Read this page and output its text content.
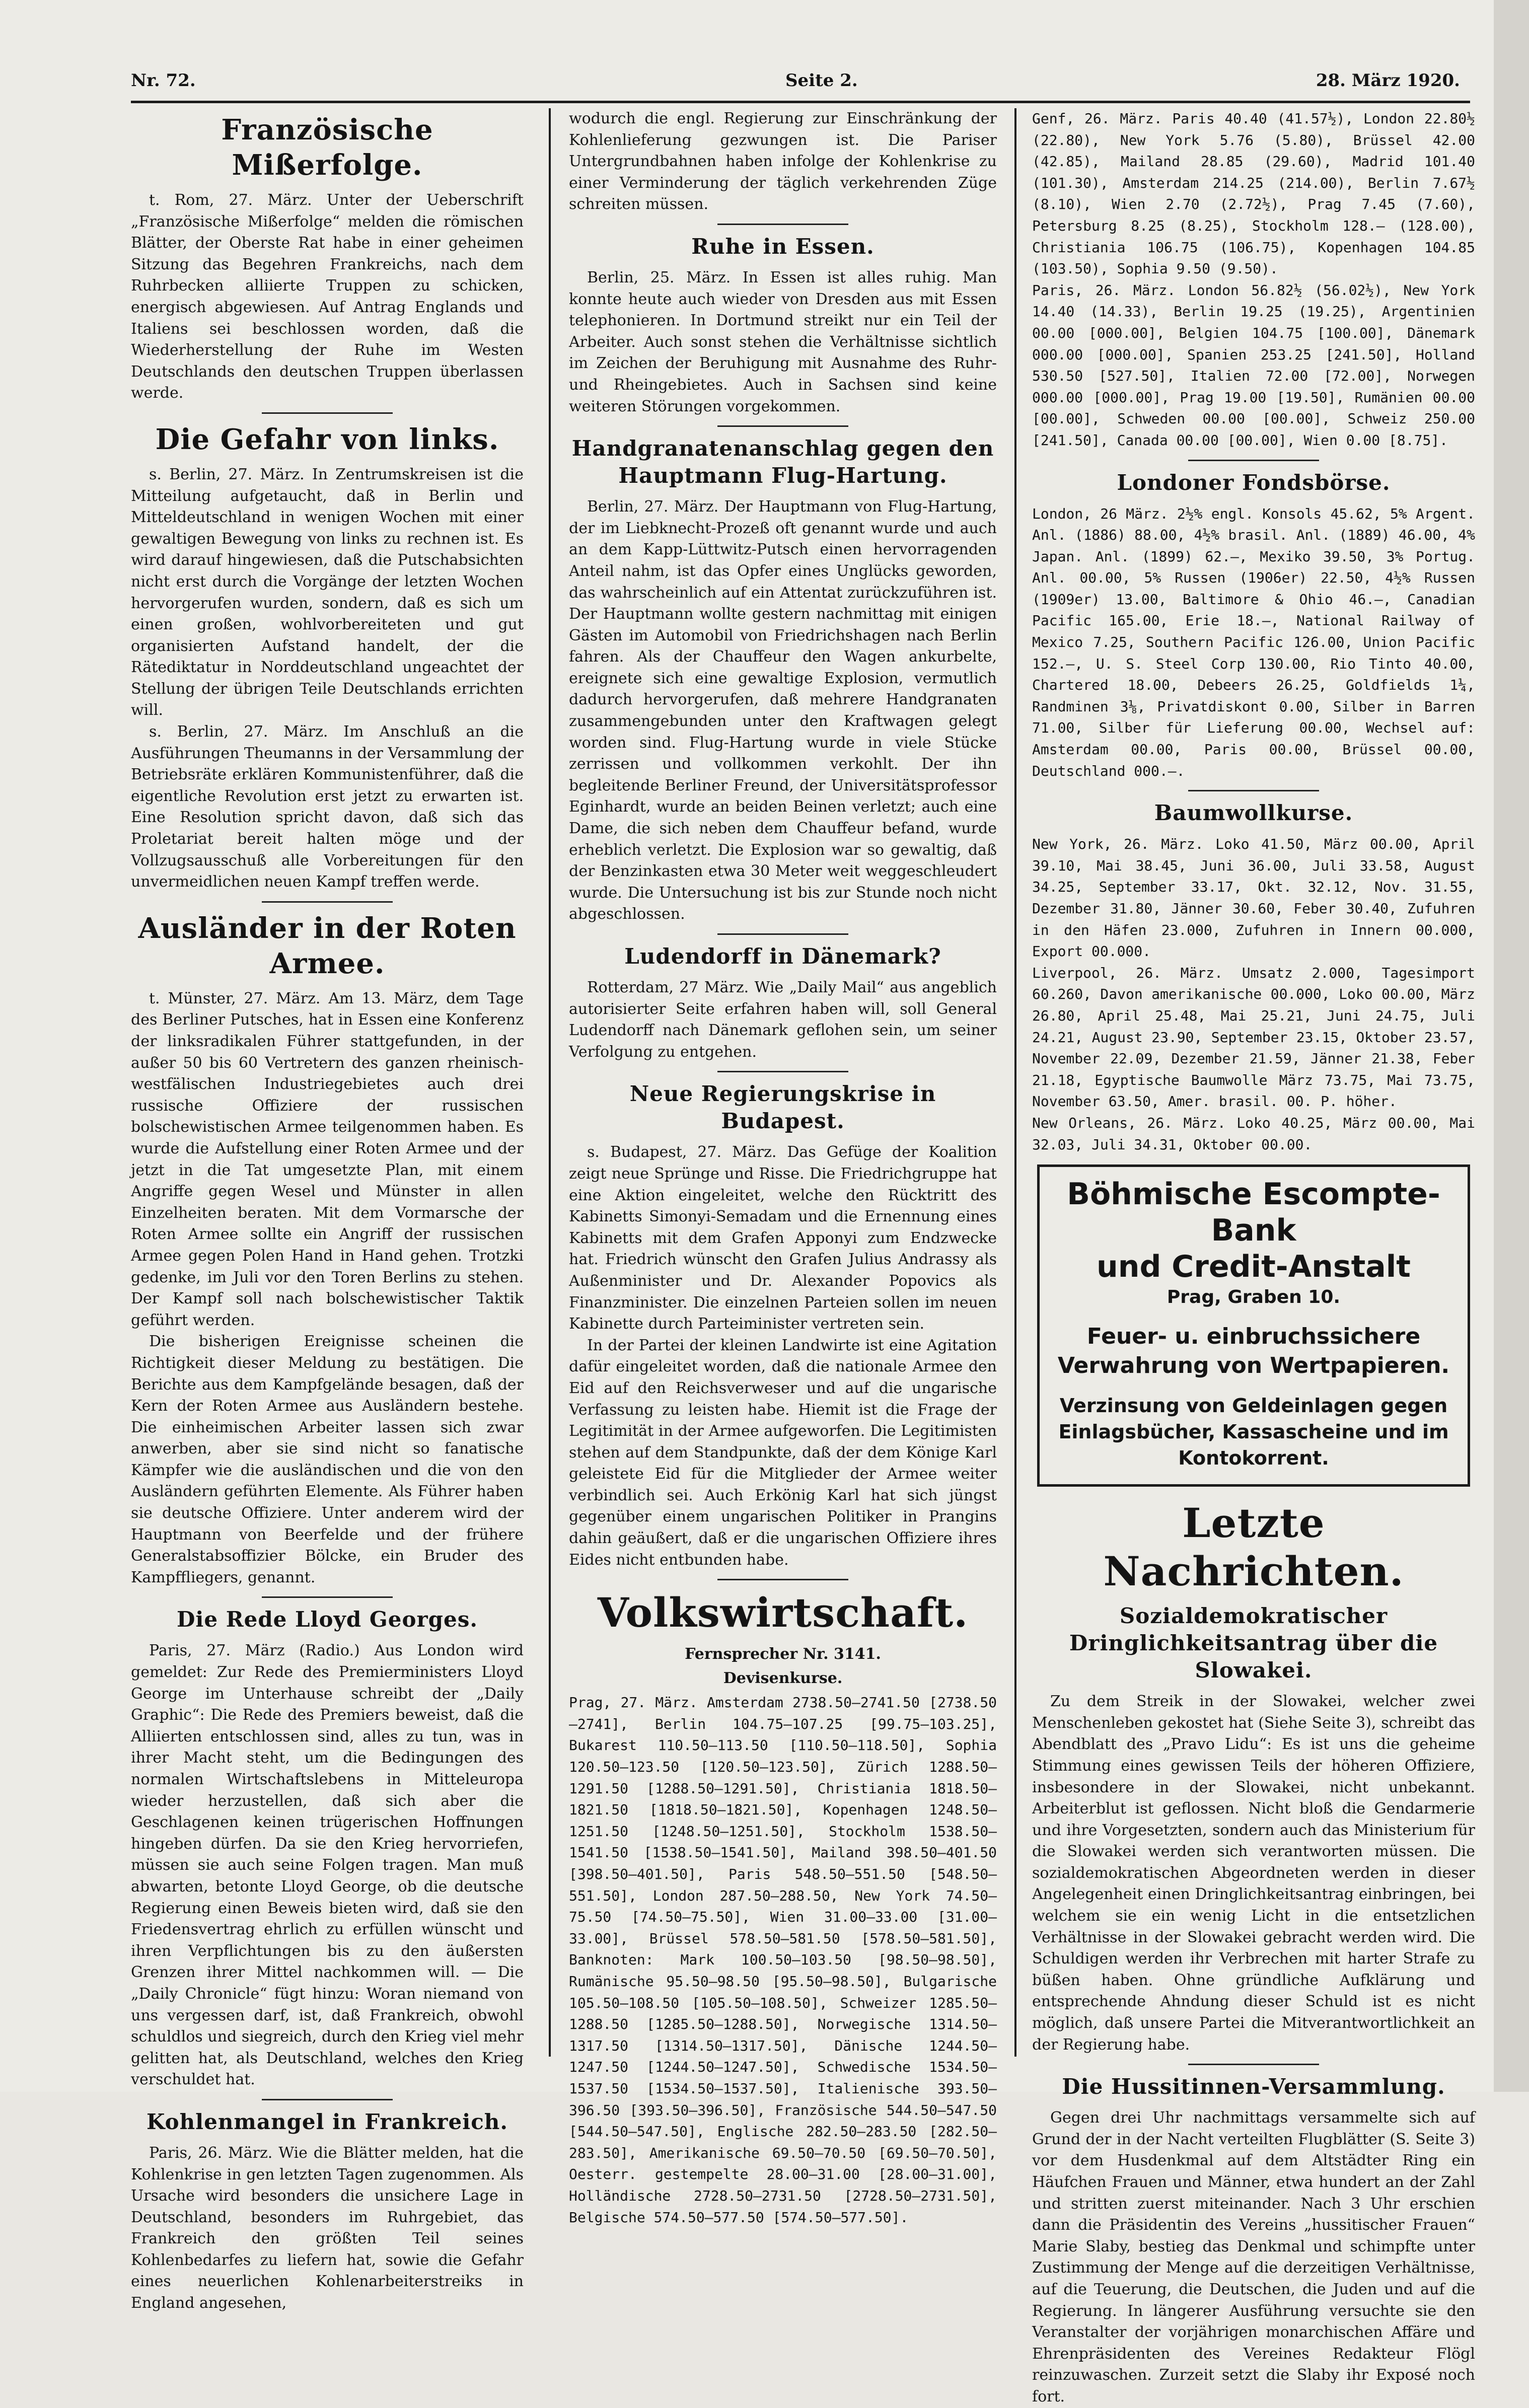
Nr. 72.	Seite 2.	28. März 1920.
Französische Mißerfolge.

t. Rom, 27. März. Unter der Ueberschrift „Französische Mißerfolge“ melden die römischen Blätter, der Oberste Rat habe in einer geheimen Sitzung das Begehren Frankreichs, nach dem Ruhrbecken alliierte Truppen zu schicken, energisch abgewiesen. Auf Antrag Englands und Italiens sei beschlossen worden, daß die Wiederherstellung der Ruhe im Westen Deutschlands den deutschen Truppen überlassen werde.

Die Gefahr von links.

s. Berlin, 27. März. In Zentrumskreisen ist die Mitteilung aufgetaucht, daß in Berlin und Mitteldeutschland in wenigen Wochen mit einer gewaltigen Bewegung von links zu rechnen ist. Es wird darauf hingewiesen, daß die Putschabsichten nicht erst durch die Vorgänge der letzten Wochen hervorgerufen wurden, sondern, daß es sich um einen großen, wohlvorbereiteten und gut organisierten Aufstand handelt, der die Rätediktatur in Norddeutschland ungeachtet der Stellung der übrigen Teile Deutschlands errichten will.

s. Berlin, 27. März. Im Anschluß an die Ausführungen Theumanns in der Versammlung der Betriebsräte erklären Kommunistenführer, daß die eigentliche Revolution erst jetzt zu erwarten ist. Eine Resolution spricht davon, daß sich das Proletariat bereit halten möge und der Vollzugsausschuß alle Vorbereitungen für den unvermeidlichen neuen Kampf treffen werde.

Ausländer in der Roten Armee.

t. Münster, 27. März. Am 13. März, dem Tage des Berliner Putsches, hat in Essen eine Konferenz der linksradikalen Führer stattgefunden, in der außer 50 bis 60 Vertretern des ganzen rheinisch-westfälischen Industriegebietes auch drei russische Offiziere der russischen bolschewistischen Armee teilgenommen haben. Es wurde die Aufstellung einer Roten Armee und der jetzt in die Tat umgesetzte Plan, mit einem Angriffe gegen Wesel und Münster in allen Einzelheiten beraten. Mit dem Vormarsche der Roten Armee sollte ein Angriff der russischen Armee gegen Polen Hand in Hand gehen. Trotzki gedenke, im Juli vor den Toren Berlins zu stehen. Der Kampf soll nach bolschewistischer Taktik geführt werden.

Die bisherigen Ereignisse scheinen die Richtigkeit dieser Meldung zu bestätigen. Die Berichte aus dem Kampfgelände besagen, daß der Kern der Roten Armee aus Ausländern bestehe. Die einheimischen Arbeiter lassen sich zwar anwerben, aber sie sind nicht so fanatische Kämpfer wie die ausländischen und die von den Ausländern geführten Elemente. Als Führer haben sie deutsche Offiziere. Unter anderem wird der Hauptmann von Beerfelde und der frühere Generalstabsoffizier Bölcke, ein Bruder des Kampffliegers, genannt.

Die Rede Lloyd Georges.

Paris, 27. März (Radio.) Aus London wird gemeldet: Zur Rede des Premierministers Lloyd George im Unterhause schreibt der „Daily Graphic“: Die Rede des Premiers beweist, daß die Alliierten entschlossen sind, alles zu tun, was in ihrer Macht steht, um die Bedingungen des normalen Wirtschaftslebens in Mitteleuropa wieder herzustellen, daß sich aber die Geschlagenen keinen trügerischen Hoffnungen hingeben dürfen. Da sie den Krieg hervorriefen, müssen sie auch seine Folgen tragen. Man muß abwarten, betonte Lloyd George, ob die deutsche Regierung einen Beweis bieten wird, daß sie den Friedensvertrag ehrlich zu erfüllen wünscht und ihren Verpflichtungen bis zu den äußersten Grenzen ihrer Mittel nachkommen will. — Die „Daily Chronicle“ fügt hinzu: Woran niemand von uns vergessen darf, ist, daß Frankreich, obwohl schuldlos und siegreich, durch den Krieg viel mehr gelitten hat, als Deutschland, welches den Krieg verschuldet hat.

Kohlenmangel in Frankreich.

Paris, 26. März. Wie die Blätter melden, hat die Kohlenkrise in gen letzten Tagen zugenommen. Als Ursache wird besonders die unsichere Lage in Deutschland, besonders im Ruhrgebiet, das Frankreich den größten Teil seines Kohlenbedarfes zu liefern hat, sowie die Gefahr eines neuerlichen Kohlenarbeiterstreiks in England angesehen,

wodurch die engl. Regierung zur Einschränkung der Kohlenlieferung gezwungen ist. Die Pariser Untergrundbahnen haben infolge der Kohlenkrise zu einer Verminderung der täglich verkehrenden Züge schreiten müssen.

Ruhe in Essen.

Berlin, 25. März. In Essen ist alles ruhig. Man konnte heute auch wieder von Dresden aus mit Essen telephonieren. In Dortmund streikt nur ein Teil der Arbeiter. Auch sonst stehen die Verhältnisse sichtlich im Zeichen der Beruhigung mit Ausnahme des Ruhr- und Rheingebietes. Auch in Sachsen sind keine weiteren Störungen vorgekommen.

Handgranatenanschlag gegen den Hauptmann Flug-Hartung.

Berlin, 27. März. Der Hauptmann von Flug-Hartung, der im Liebknecht-Prozeß oft genannt wurde und auch an dem Kapp-Lüttwitz-Putsch einen hervorragenden Anteil nahm, ist das Opfer eines Unglücks geworden, das wahrscheinlich auf ein Attentat zurückzuführen ist. Der Hauptmann wollte gestern nachmittag mit einigen Gästen im Automobil von Friedrichshagen nach Berlin fahren. Als der Chauffeur den Wagen ankurbelte, ereignete sich eine gewaltige Explosion, vermutlich dadurch hervorgerufen, daß mehrere Handgranaten zusammengebunden unter den Kraftwagen gelegt worden sind. Flug-Hartung wurde in viele Stücke zerrissen und vollkommen verkohlt. Der ihn begleitende Berliner Freund, der Universitätsprofessor Eginhardt, wurde an beiden Beinen verletzt; auch eine Dame, die sich neben dem Chauffeur befand, wurde erheblich verletzt. Die Explosion war so gewaltig, daß der Benzinkasten etwa 30 Meter weit weggeschleudert wurde. Die Untersuchung ist bis zur Stunde noch nicht abgeschlossen.

Ludendorff in Dänemark?

Rotterdam, 27 März. Wie „Daily Mail“ aus angeblich autorisierter Seite erfahren haben will, soll General Ludendorff nach Dänemark geflohen sein, um seiner Verfolgung zu entgehen.

Neue Regierungskrise in Budapest.

s. Budapest, 27. März. Das Gefüge der Koalition zeigt neue Sprünge und Risse. Die Friedrichgruppe hat eine Aktion eingeleitet, welche den Rücktritt des Kabinetts Simonyi-Semadam und die Ernennung eines Kabinetts mit dem Grafen Apponyi zum Endzwecke hat. Friedrich wünscht den Grafen Julius Andrassy als Außenminister und Dr. Alexander Popovics als Finanzminister. Die einzelnen Parteien sollen im neuen Kabinette durch Parteiminister vertreten sein.

In der Partei der kleinen Landwirte ist eine Agitation dafür eingeleitet worden, daß die nationale Armee den Eid auf den Reichsverweser und auf die ungarische Verfassung zu leisten habe. Hiemit ist die Frage der Legitimität in der Armee aufgeworfen. Die Legitimisten stehen auf dem Standpunkte, daß der dem Könige Karl geleistete Eid für die Mitglieder der Armee weiter verbindlich sei. Auch Erkönig Karl hat sich jüngst gegenüber einem ungarischen Politiker in Prangins dahin geäußert, daß er die ungarischen Offiziere ihres Eides nicht entbunden habe.

Volkswirtschaft.
Fernsprecher Nr. 3141.
Devisenkurse.

Prag, 27. März. Amsterdam 2738.50—2741.50 [2738.50—2741], Berlin 104.75—107.25 [99.75—103.25], Bukarest 110.50—113.50 [110.50—118.50], Sophia 120.50—123.50 [120.50—123.50], Zürich 1288.50—1291.50 [1288.50—1291.50], Christiania 1818.50—1821.50 [1818.50—1821.50], Kopenhagen 1248.50—1251.50 [1248.50—1251.50], Stockholm 1538.50—1541.50 [1538.50—1541.50], Mailand 398.50—401.50 [398.50—401.50], Paris 548.50—551.50 [548.50—551.50], London 287.50—288.50, New York 74.50—75.50 [74.50—75.50], Wien 31.00—33.00 [31.00—33.00], Brüssel 578.50—581.50 [578.50—581.50], Banknoten: Mark 100.50—103.50 [98.50—98.50], Rumänische 95.50—98.50 [95.50—98.50], Bulgarische 105.50—108.50 [105.50—108.50], Schweizer 1285.50—1288.50 [1285.50—1288.50], Norwegische 1314.50—1317.50 [1314.50—1317.50], Dänische 1244.50—1247.50 [1244.50—1247.50], Schwedische 1534.50—1537.50 [1534.50—1537.50], Italienische 393.50—396.50 [393.50—396.50], Französische 544.50—547.50 [544.50—547.50], Englische 282.50—283.50 [282.50—283.50], Amerikanische 69.50—70.50 [69.50—70.50], Oesterr. gestempelte 28.00—31.00 [28.00—31.00], Holländische 2728.50—2731.50 [2728.50—2731.50], Belgische 574.50—577.50 [574.50—577.50].

Genf, 26. März. Paris 40.40 (41.57½), London 22.80½ (22.80), New York 5.76 (5.80), Brüssel 42.00 (42.85), Mailand 28.85 (29.60), Madrid 101.40 (101.30), Amsterdam 214.25 (214.00), Berlin 7.67½ (8.10), Wien 2.70 (2.72½), Prag 7.45 (7.60), Petersburg 8.25 (8.25), Stockholm 128.— (128.00), Christiania 106.75 (106.75), Kopenhagen 104.85 (103.50), Sophia 9.50 (9.50).

Paris, 26. März. London 56.82½ (56.02½), New York 14.40 (14.33), Berlin 19.25 (19.25), Argentinien 00.00 [000.00], Belgien 104.75 [100.00], Dänemark 000.00 [000.00], Spanien 253.25 [241.50], Holland 530.50 [527.50], Italien 72.00 [72.00], Norwegen 000.00 [000.00], Prag 19.00 [19.50], Rumänien 00.00 [00.00], Schweden 00.00 [00.00], Schweiz 250.00 [241.50], Canada 00.00 [00.00], Wien 0.00 [8.75].

Londoner Fondsbörse.

London, 26 März. 2½% engl. Konsols 45.62, 5% Argent. Anl. (1886) 88.00, 4½% brasil. Anl. (1889) 46.00, 4% Japan. Anl. (1899) 62.—, Mexiko 39.50, 3% Portug. Anl. 00.00, 5% Russen (1906er) 22.50, 4½% Russen (1909er) 13.00, Baltimore & Ohio 46.—, Canadian Pacific 165.00, Erie 18.—, National Railway of Mexico 7.25, Southern Pacific 126.00, Union Pacific 152.—, U. S. Steel Corp 130.00, Rio Tinto 40.00, Chartered 18.00, Debeers 26.25, Goldfields 1¼, Randminen 3⅛, Privatdiskont 0.00, Silber in Barren 71.00, Silber für Lieferung 00.00, Wechsel auf: Amsterdam 00.00, Paris 00.00, Brüssel 00.00, Deutschland 000.—.

Baumwollkurse.

New York, 26. März. Loko 41.50, März 00.00, April 39.10, Mai 38.45, Juni 36.00, Juli 33.58, August 34.25, September 33.17, Okt. 32.12, Nov. 31.55, Dezember 31.80, Jänner 30.60, Feber 30.40, Zufuhren in den Häfen 23.000, Zufuhren in Innern 00.000, Export 00.000.

Liverpool, 26. März. Umsatz 2.000, Tagesimport 60.260, Davon amerikanische 00.000, Loko 00.00, März 26.80, April 25.48, Mai 25.21, Juni 24.75, Juli 24.21, August 23.90, September 23.15, Oktober 23.57, November 22.09, Dezember 21.59, Jänner 21.38, Feber 21.18, Egyptische Baumwolle März 73.75, Mai 73.75, November 63.50, Amer. brasil. 00. P. höher.

New Orleans, 26. März. Loko 40.25, März 00.00, Mai 32.03, Juli 34.31, Oktober 00.00.

Böhmische Escompte-Bank
und Credit-Anstalt
Prag, Graben 10.
Feuer- u. einbruchssichere Verwahrung von Wertpapieren.
Verzinsung von Geldeinlagen gegen Einlagsbücher, Kassascheine und im Kontokorrent.
Letzte Nachrichten.
Sozialdemokratischer Dringlichkeitsantrag über die Slowakei.

Zu dem Streik in der Slowakei, welcher zwei Menschenleben gekostet hat (Siehe Seite 3), schreibt das Abendblatt des „Pravo Lidu“: Es ist uns die geheime Stimmung eines gewissen Teils der höheren Offiziere, insbesondere in der Slowakei, nicht unbekannt. Arbeiterblut ist geflossen. Nicht bloß die Gendarmerie und ihre Vorgesetzten, sondern auch das Ministerium für die Slowakei werden sich verantworten müssen. Die sozialdemokratischen Abgeordneten werden in dieser Angelegenheit einen Dringlichkeitsantrag einbringen, bei welchem sie ein wenig Licht in die entsetzlichen Verhältnisse in der Slowakei gebracht werden wird. Die Schuldigen werden ihr Verbrechen mit harter Strafe zu büßen haben. Ohne gründliche Aufklärung und entsprechende Ahndung dieser Schuld ist es nicht möglich, daß unsere Partei die Mitverantwortlichkeit an der Regierung habe.

Die Hussitinnen-Versammlung.

Gegen drei Uhr nachmittags versammelte sich auf Grund der in der Nacht verteilten Flugblätter (S. Seite 3) vor dem Husdenkmal auf dem Altstädter Ring ein Häufchen Frauen und Männer, etwa hundert an der Zahl und stritten zuerst miteinander. Nach 3 Uhr erschien dann die Präsidentin des Vereins „hussitischer Frauen“ Marie Slaby, bestieg das Denkmal und schimpfte unter Zustimmung der Menge auf die derzeitigen Verhältnisse, auf die Teuerung, die Deutschen, die Juden und auf die Regierung. In längerer Ausführung versuchte sie den Veranstalter der vorjährigen monarchischen Affäre und Ehrenpräsidenten des Vereines Redakteur Flögl reinzuwaschen. Zurzeit setzt die Slaby ihr Exposé noch fort.
